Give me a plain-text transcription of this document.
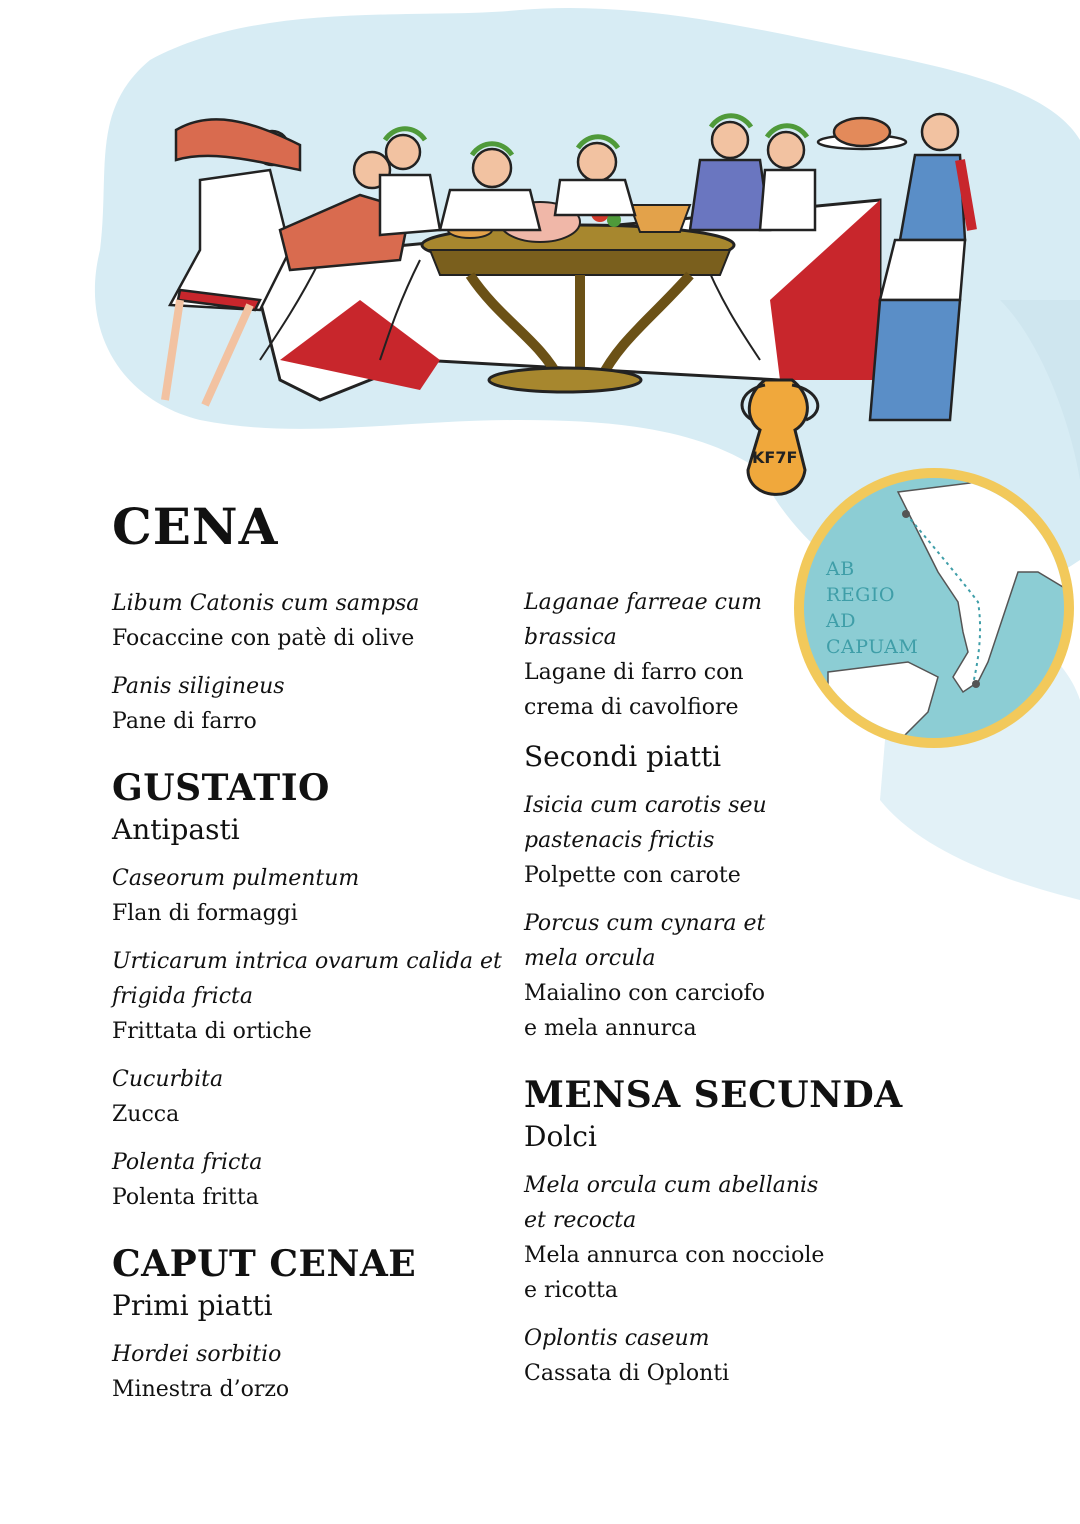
KF7F
AB
REGIO
AD
CAPUAM
CENA
Libum Catonis cum sampsa
Focaccine con patè di olive
Panis siligineus
Pane di farro
GUSTATIO
Antipasti
Caseorum pulmentum
Flan di formaggi
Urticarum intrica ovarum calida et frigida fricta
Frittata di ortiche
Cucurbita
Zucca
Polenta fricta
Polenta fritta
CAPUT CENAE
Primi piatti
Hordei sorbitio
Minestra d’orzo
Laganae farreae cum brassica
Lagane di farro con crema di cavolfiore
Secondi piatti
Isicia cum carotis seu pastenacis frictis
Polpette con carote
Porcus cum cynara et mela orcula
Maialino con carciofo e mela annurca
MENSA SECUNDA
Dolci
Mela orcula cum abellanis et recocta
Mela annurca con nocciole e ricotta
Oplontis caseum
Cassata di Oplonti
